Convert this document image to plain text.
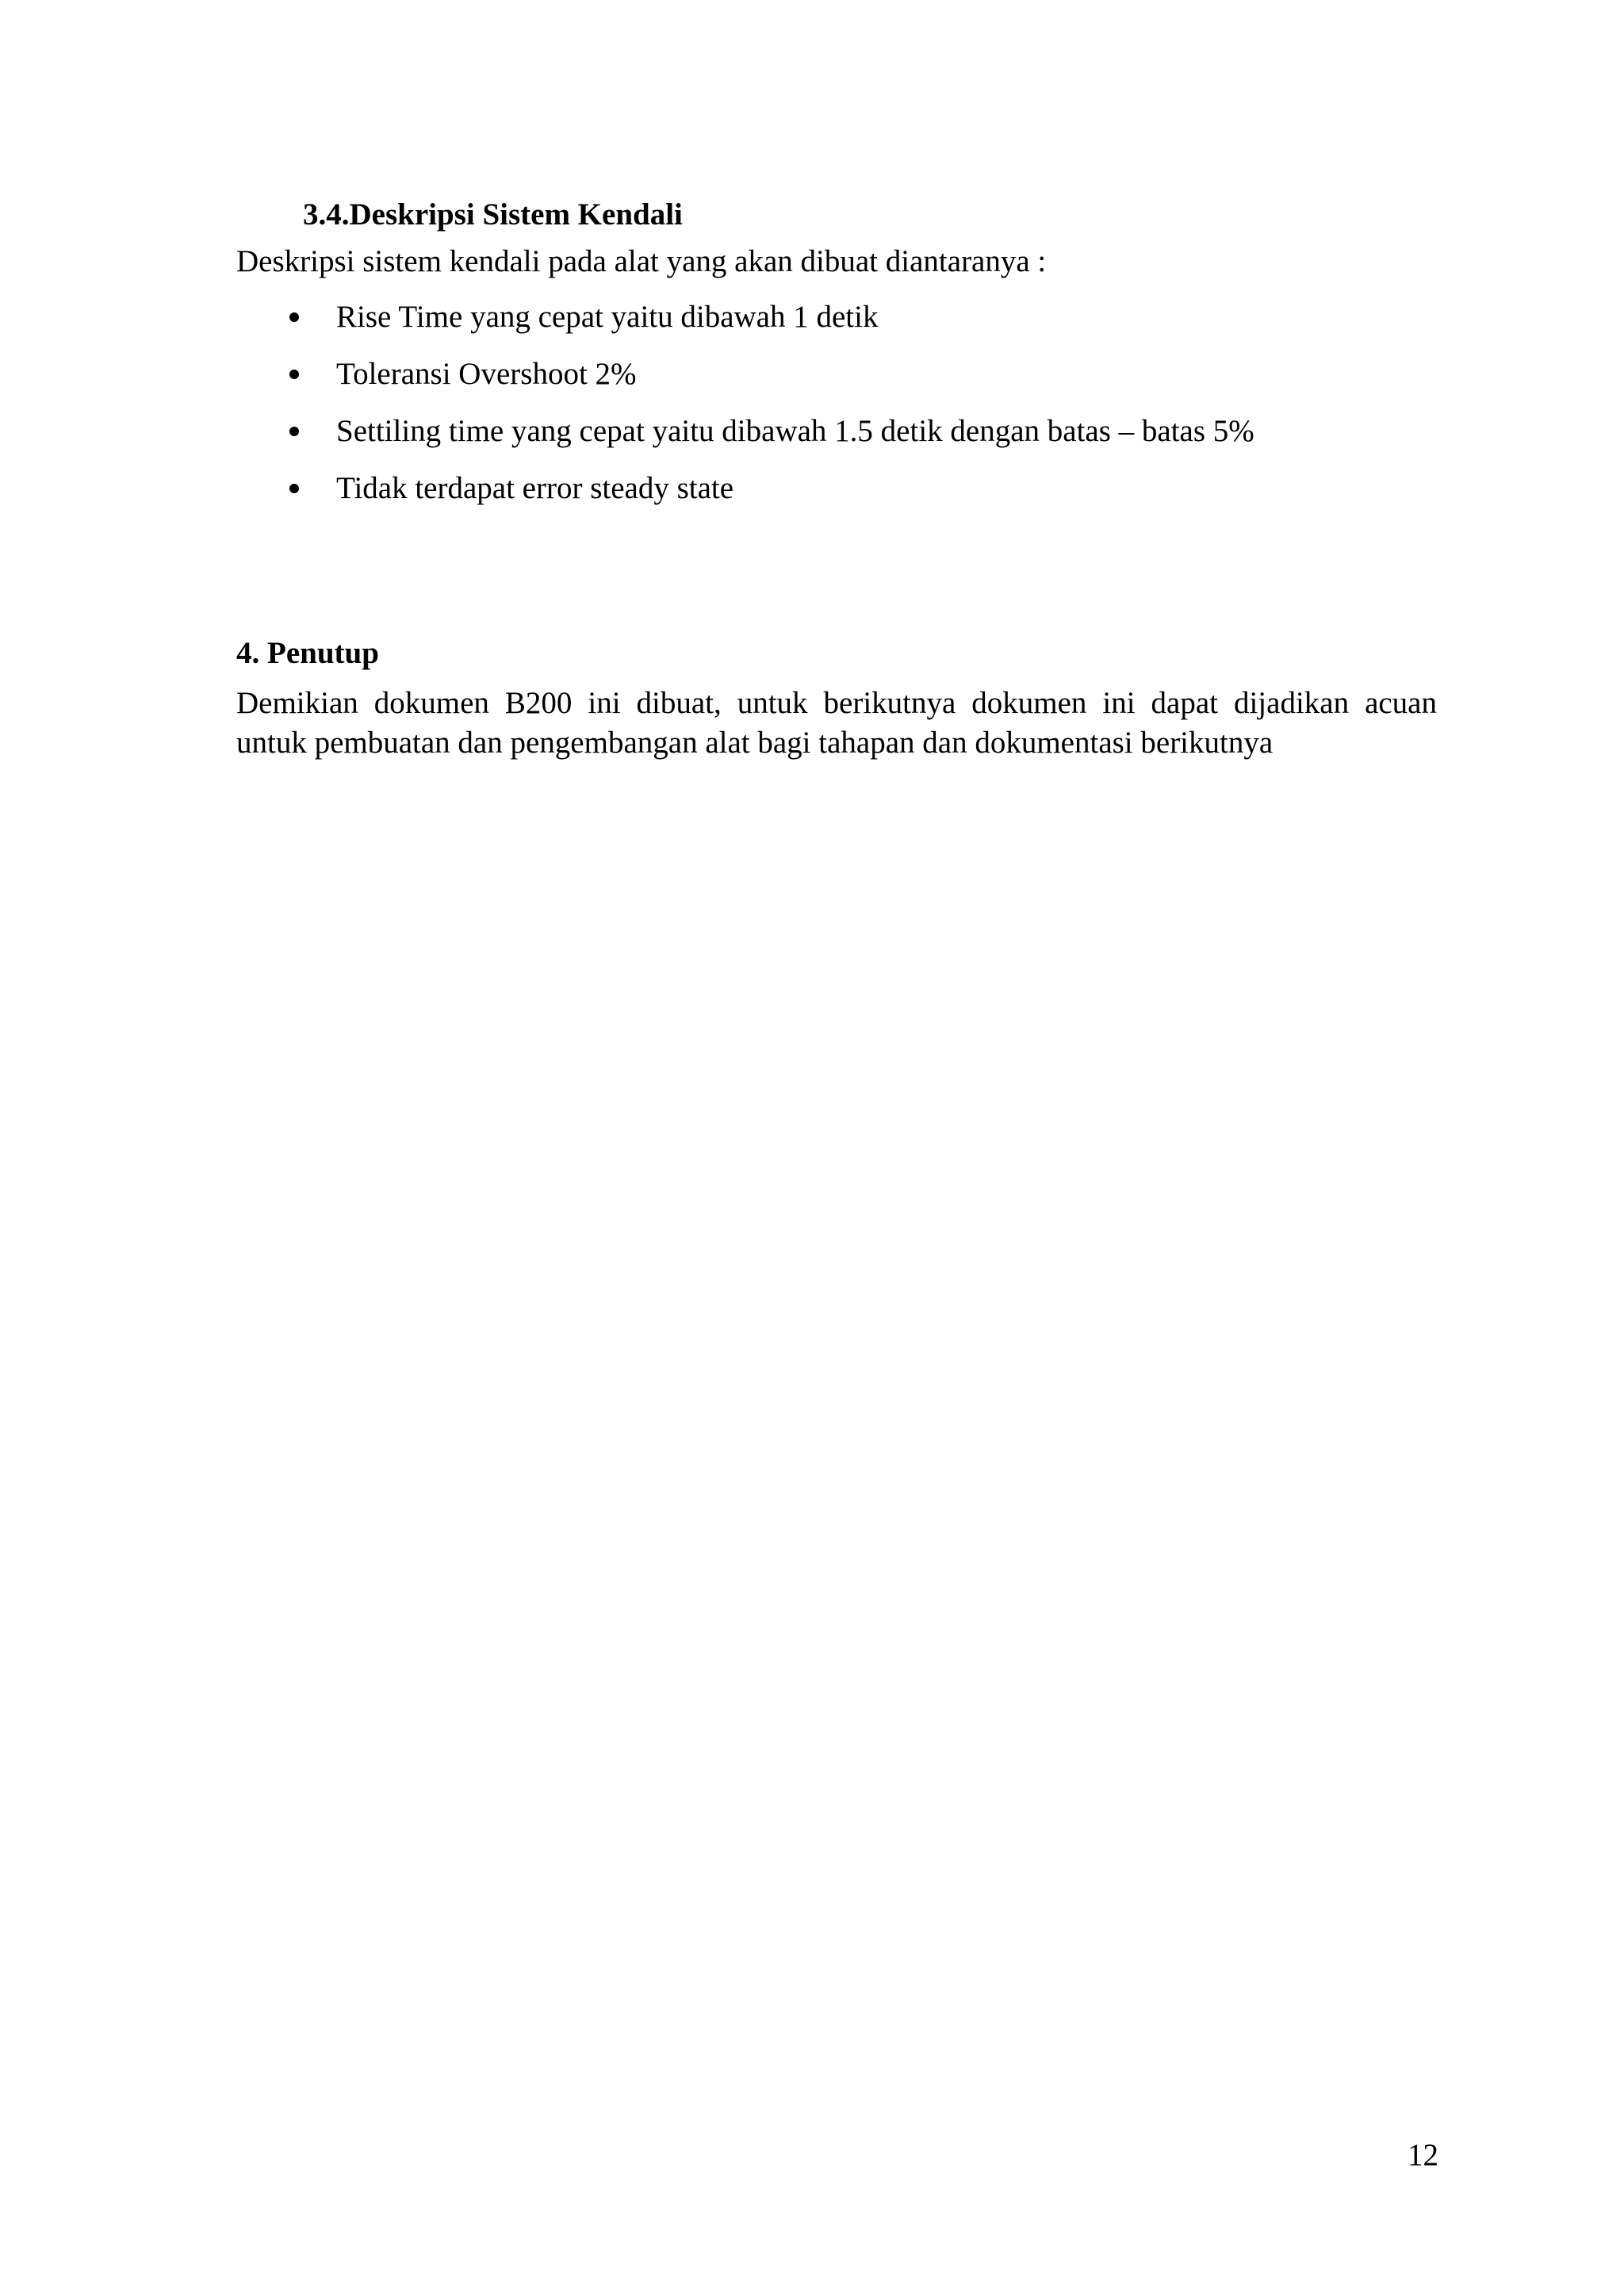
3.4.Deskripsi Sistem Kendali
Deskripsi sistem kendali pada alat yang akan dibuat diantaranya :
Rise Time yang cepat yaitu dibawah 1 detik
Toleransi Overshoot 2%
Settiling time yang cepat yaitu dibawah 1.5 detik dengan batas – batas 5%
Tidak terdapat error steady state
4. Penutup
Demikian dokumen B200 ini dibuat, untuk berikutnya dokumen ini dapat dijadikan acuan
untuk pembuatan dan pengembangan alat bagi tahapan dan dokumentasi berikutnya
12
